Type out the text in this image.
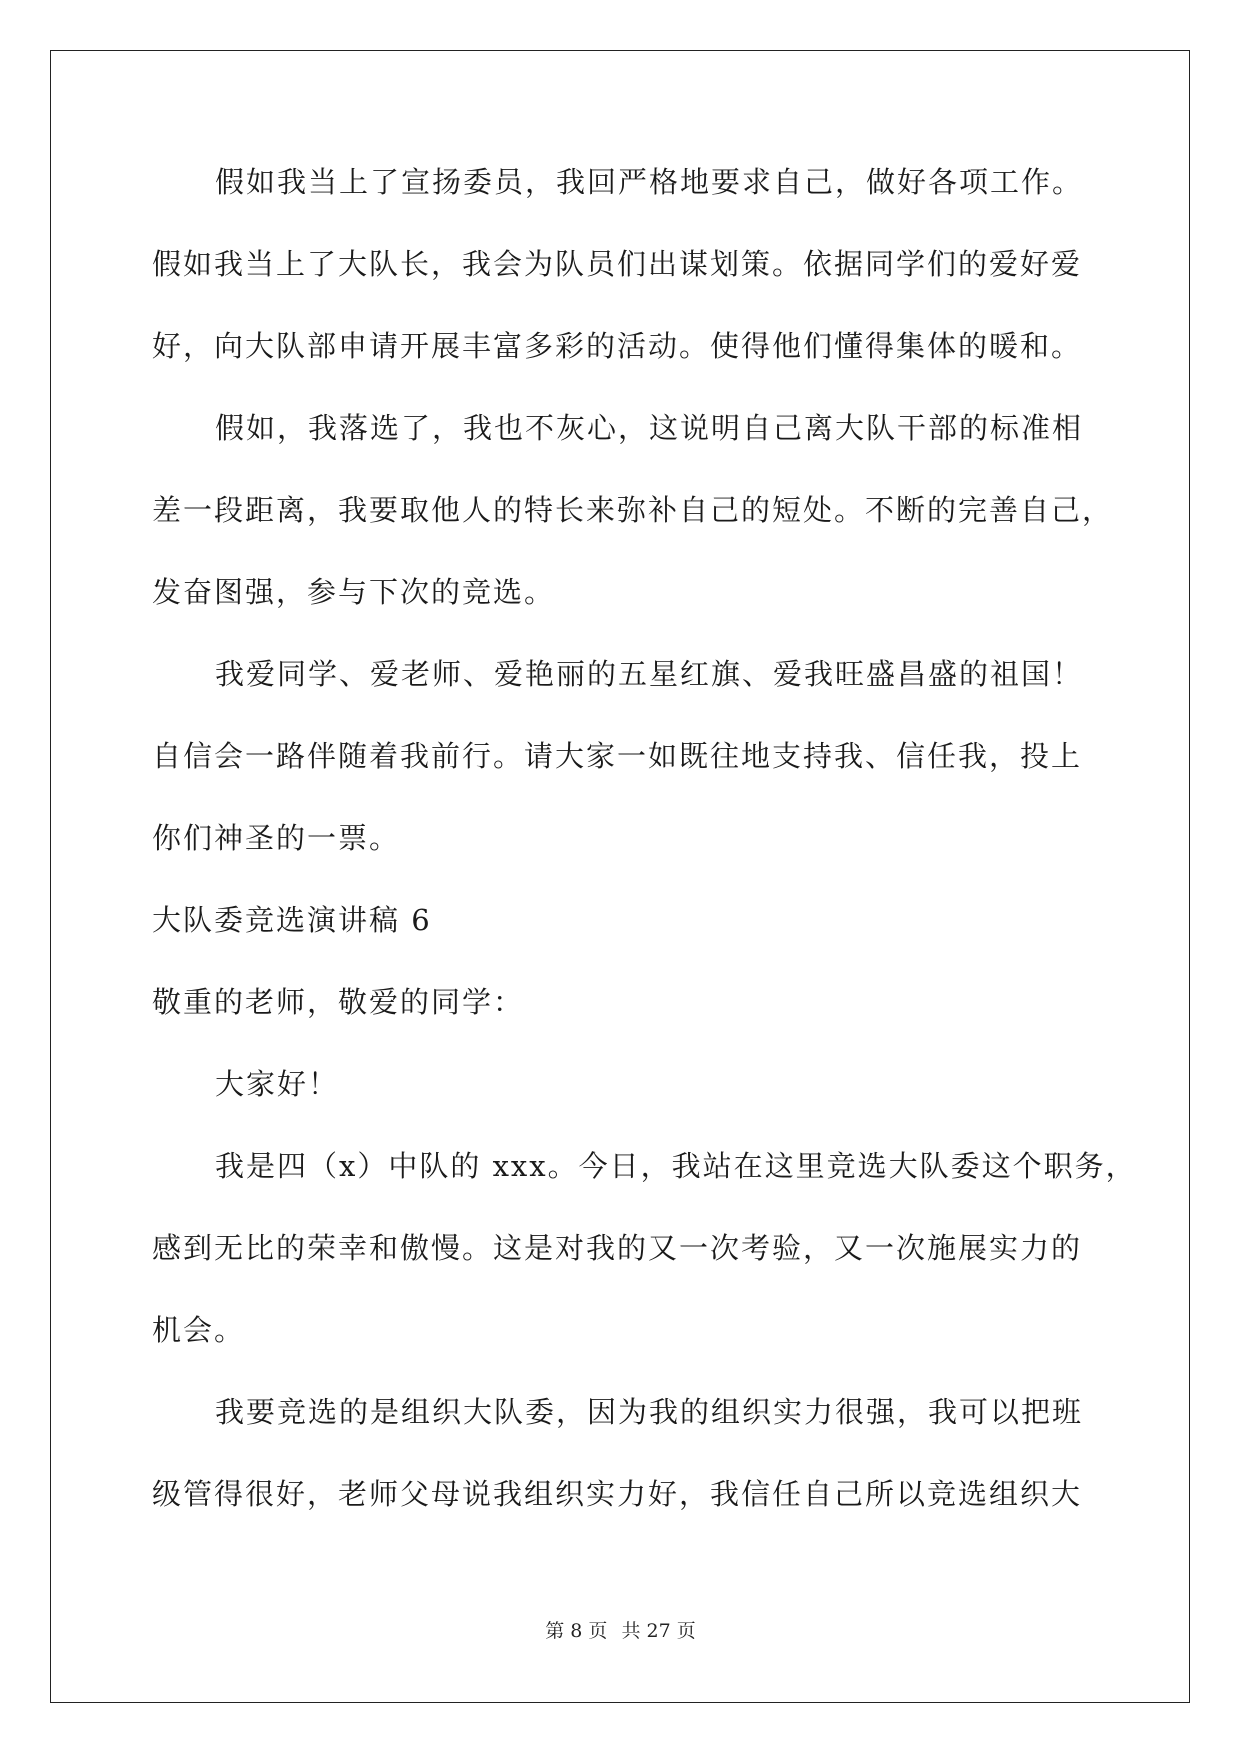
假如我当上了宣扬委员，我回严格地要求自己，做好各项工作。
假如我当上了大队长，我会为队员们出谋划策。依据同学们的爱好爱
好，向大队部申请开展丰富多彩的活动。使得他们懂得集体的暖和。
假如，我落选了，我也不灰心，这说明自己离大队干部的标准相
差一段距离，我要取他人的特长来弥补自己的短处。不断的完善自己，
发奋图强，参与下次的竞选。
我爱同学、爱老师、爱艳丽的五星红旗、爱我旺盛昌盛的祖国！
自信会一路伴随着我前行。请大家一如既往地支持我、信任我，投上
你们神圣的一票。
大队委竞选演讲稿 6
敬重的老师，敬爱的同学：
大家好！
我是四（x）中队的 xxx。今日，我站在这里竞选大队委这个职务，
感到无比的荣幸和傲慢。这是对我的又一次考验，又一次施展实力的
机会。
我要竞选的是组织大队委，因为我的组织实力很强，我可以把班
级管得很好，老师父母说我组织实力好，我信任自己所以竞选组织大
第 8 页 共 27 页
